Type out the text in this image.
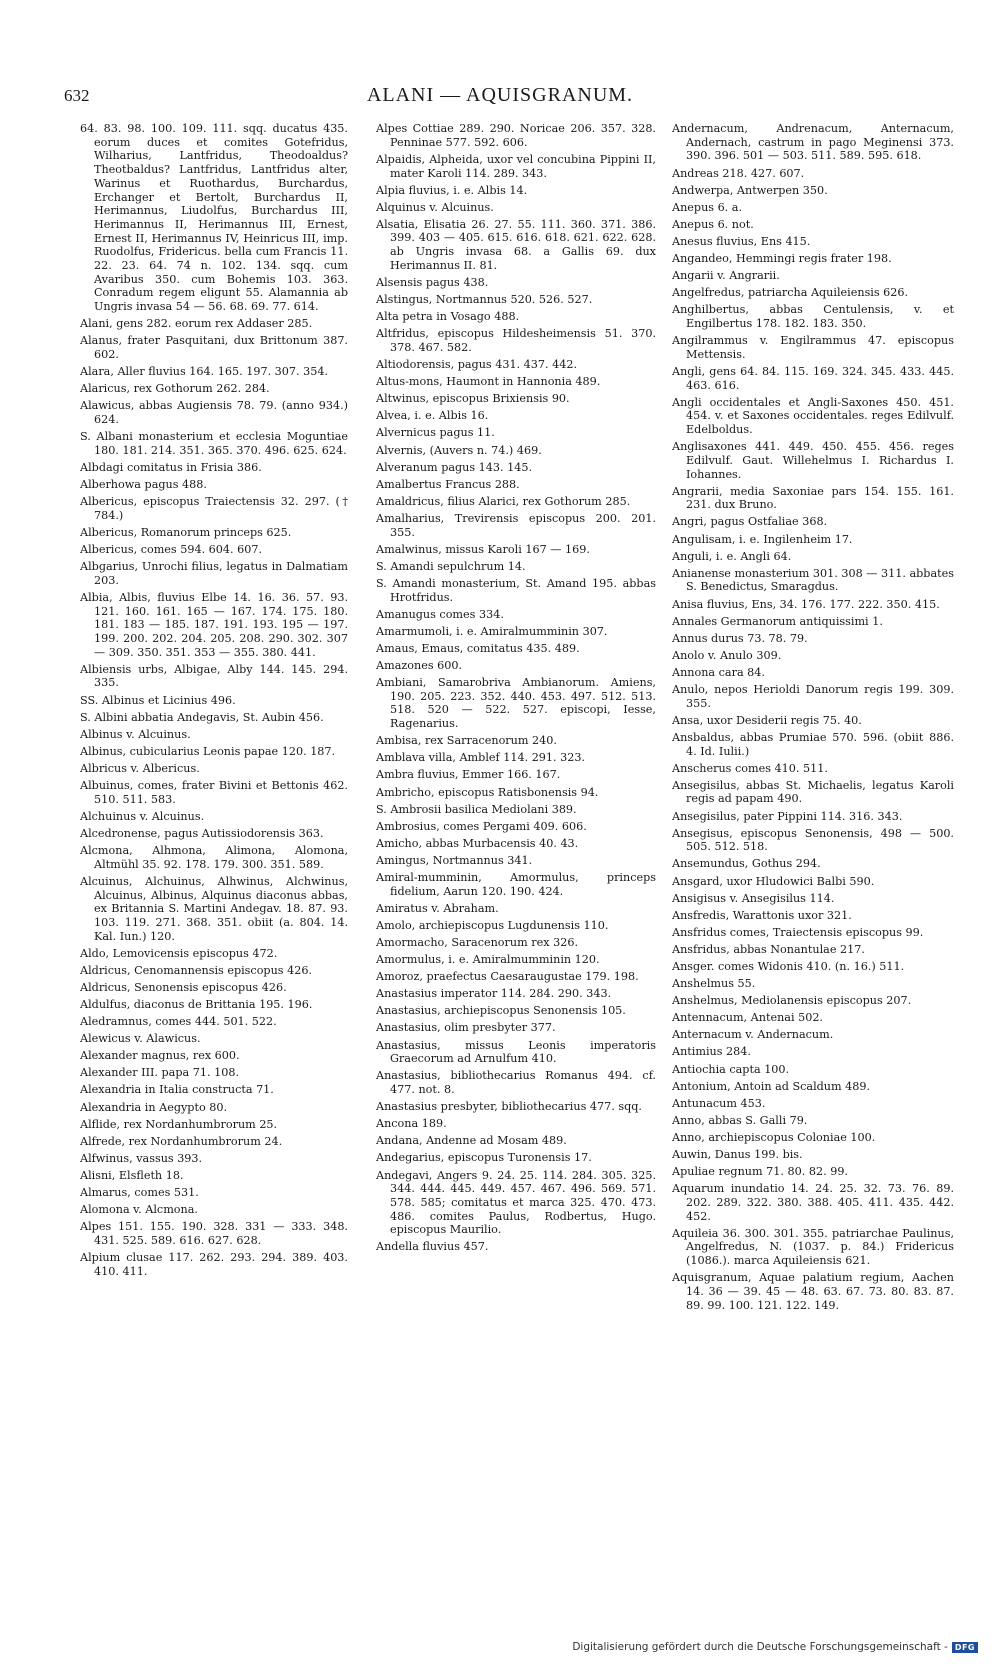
632	ALANI — AQUISGRANUM.
64. 83. 98. 100. 109. 111. sqq. ducatus 435. eorum duces et comites Gotefridus, Wilharius, Lantfridus, Theodoaldus? Theotbaldus? Lantfridus, Lantfridus alter, Warinus et Ruothardus, Burchardus, Erchanger et Bertolt, Burchardus II, Herimannus, Liudolfus, Burchardus III, Herimannus II, Herimannus III, Ernest, Ernest II, Herimannus IV, Heinricus III, imp. Ruodolfus, Fridericus. bella cum Francis 11. 22. 23. 64. 74 n. 102. 134. sqq. cum Avaribus 350. cum Bohemis 103. 363. Conradum regem eligunt 55. Alamannia ab Ungris invasa 54 — 56. 68. 69. 77. 614.
Alani, gens 282. eorum rex Addaser 285.
Alanus, frater Pasquitani, dux Brittonum 387. 602.
Alara, Aller fluvius 164. 165. 197. 307. 354.
Alaricus, rex Gothorum 262. 284.
Alawicus, abbas Augiensis 78. 79. (anno 934.) 624.
S. Albani monasterium et ecclesia Moguntiae 180. 181. 214. 351. 365. 370. 496. 625. 624.
Albdagi comitatus in Frisia 386.
Alberhowa pagus 488.
Albericus, episcopus Traiectensis 32. 297. († 784.)
Albericus, Romanorum princeps 625.
Albericus, comes 594. 604. 607.
Albgarius, Unrochi filius, legatus in Dalmatiam 203.
Albia, Albis, fluvius Elbe 14. 16. 36. 57. 93. 121. 160. 161. 165 — 167. 174. 175. 180. 181. 183 — 185. 187. 191. 193. 195 — 197. 199. 200. 202. 204. 205. 208. 290. 302. 307 — 309. 350. 351. 353 — 355. 380. 441.
Albiensis urbs, Albigae, Alby 144. 145. 294. 335.
SS. Albinus et Licinius 496.
S. Albini abbatia Andegavis, St. Aubin 456.
Albinus v. Alcuinus.
Albinus, cubicularius Leonis papae 120. 187.
Albricus v. Albericus.
Albuinus, comes, frater Bivini et Bettonis 462. 510. 511. 583.
Alchuinus v. Alcuinus.
Alcedronense, pagus Autissiodorensis 363.
Alcmona, Alhmona, Alimona, Alomona, Altmühl 35. 92. 178. 179. 300. 351. 589.
Alcuinus, Alchuinus, Alhwinus, Alchwinus, Alcuinus, Albinus, Alquinus diaconus abbas, ex Britannia S. Martini Andegav. 18. 87. 93. 103. 119. 271. 368. 351. obiit (a. 804. 14. Kal. Iun.) 120.
Aldo, Lemovicensis episcopus 472.
Aldricus, Cenomannensis episcopus 426.
Aldricus, Senonensis episcopus 426.
Aldulfus, diaconus de Brittania 195. 196.
Aledramnus, comes 444. 501. 522.
Alewicus v. Alawicus.
Alexander magnus, rex 600.
Alexander III. papa 71. 108.
Alexandria in Italia constructa 71.
Alexandria in Aegypto 80.
Alflide, rex Nordanhumbrorum 25.
Alfrede, rex Nordanhumbrorum 24.
Alfwinus, vassus 393.
Alisni, Elsfleth 18.
Almarus, comes 531.
Alomona v. Alcmona.
Alpes 151. 155. 190. 328. 331 — 333. 348. 431. 525. 589. 616. 627. 628.
Alpium clusae 117. 262. 293. 294. 389. 403. 410. 411.
Alpes Cottiae 289. 290. Noricae 206. 357. 328. Penninae 577. 592. 606.
Alpaidis, Alpheida, uxor vel concubina Pippini II, mater Karoli 114. 289. 343.
Alpia fluvius, i. e. Albis 14.
Alquinus v. Alcuinus.
Alsatia, Elisatia 26. 27. 55. 111. 360. 371. 386. 399. 403 — 405. 615. 616. 618. 621. 622. 628. ab Ungris invasa 68. a Gallis 69. dux Herimannus II. 81.
Alsensis pagus 438.
Alstingus, Nortmannus 520. 526. 527.
Alta petra in Vosago 488.
Altfridus, episcopus Hildesheimensis 51. 370. 378. 467. 582.
Altiodorensis, pagus 431. 437. 442.
Altus-mons, Haumont in Hannonia 489.
Altwinus, episcopus Brixiensis 90.
Alvea, i. e. Albis 16.
Alvernicus pagus 11.
Alvernis, (Auvers n. 74.) 469.
Alveranum pagus 143. 145.
Amalbertus Francus 288.
Amaldricus, filius Alarici, rex Gothorum 285.
Amalharius, Trevirensis episcopus 200. 201. 355.
Amalwinus, missus Karoli 167 — 169.
S. Amandi sepulchrum 14.
S. Amandi monasterium, St. Amand 195. abbas Hrotfridus.
Amanugus comes 334.
Amarmumoli, i. e. Amiralmumminin 307.
Amaus, Emaus, comitatus 435. 489.
Amazones 600.
Ambiani, Samarobriva Ambianorum. Amiens, 190. 205. 223. 352. 440. 453. 497. 512. 513. 518. 520 — 522. 527. episcopi, Iesse, Ragenarius.
Ambisa, rex Sarracenorum 240.
Amblava villa, Amblef 114. 291. 323.
Ambra fluvius, Emmer 166. 167.
Ambricho, episcopus Ratisbonensis 94.
S. Ambrosii basilica Mediolani 389.
Ambrosius, comes Pergami 409. 606.
Amicho, abbas Murbacensis 40. 43.
Amingus, Nortmannus 341.
Amiral-mumminin, Amormulus, princeps fidelium, Aarun 120. 190. 424.
Amiratus v. Abraham.
Amolo, archiepiscopus Lugdunensis 110.
Amormacho, Saracenorum rex 326.
Amormulus, i. e. Amiralmumminin 120.
Amoroz, praefectus Caesaraugustae 179. 198.
Anastasius imperator 114. 284. 290. 343.
Anastasius, archiepiscopus Senonensis 105.
Anastasius, olim presbyter 377.
Anastasius, missus Leonis imperatoris Graecorum ad Arnulfum 410.
Anastasius, bibliothecarius Romanus 494. cf. 477. not. 8.
Anastasius presbyter, bibliothecarius 477. sqq.
Ancona 189.
Andana, Andenne ad Mosam 489.
Andegarius, episcopus Turonensis 17.
Andegavi, Angers 9. 24. 25. 114. 284. 305. 325. 344. 444. 445. 449. 457. 467. 496. 569. 571. 578. 585; comitatus et marca 325. 470. 473. 486. comites Paulus, Rodbertus, Hugo. episcopus Maurilio.
Andella fluvius 457.
Andernacum, Andrenacum, Anternacum, Andernach, castrum in pago Meginensi 373. 390. 396. 501 — 503. 511. 589. 595. 618.
Andreas 218. 427. 607.
Andwerpa, Antwerpen 350.
Anepus 6. a.
Anepus 6. not.
Anesus fluvius, Ens 415.
Angandeo, Hemmingi regis frater 198.
Angarii v. Angrarii.
Angelfredus, patriarcha Aquileiensis 626.
Anghilbertus, abbas Centulensis, v. et Engilbertus 178. 182. 183. 350.
Angilrammus v. Engilrammus 47. episcopus Mettensis.
Angli, gens 64. 84. 115. 169. 324. 345. 433. 445. 463. 616.
Angli occidentales et Angli-Saxones 450. 451. 454. v. et Saxones occidentales. reges Edilvulf. Edelboldus.
Anglisaxones 441. 449. 450. 455. 456. reges Edilvulf. Gaut. Willehelmus I. Richardus I. Iohannes.
Angrarii, media Saxoniae pars 154. 155. 161. 231. dux Bruno.
Angri, pagus Ostfaliae 368.
Angulisam, i. e. Ingilenheim 17.
Anguli, i. e. Angli 64.
Anianense monasterium 301. 308 — 311. abbates S. Benedictus, Smaragdus.
Anisa fluvius, Ens, 34. 176. 177. 222. 350. 415.
Annales Germanorum antiquissimi 1.
Annus durus 73. 78. 79.
Anolo v. Anulo 309.
Annona cara 84.
Anulo, nepos Herioldi Danorum regis 199. 309. 355.
Ansa, uxor Desiderii regis 75. 40.
Ansbaldus, abbas Prumiae 570. 596. (obiit 886. 4. Id. Iulii.)
Anscherus comes 410. 511.
Ansegisilus, abbas St. Michaelis, legatus Karoli regis ad papam 490.
Ansegisilus, pater Pippini 114. 316. 343.
Ansegisus, episcopus Senonensis, 498 — 500. 505. 512. 518.
Ansemundus, Gothus 294.
Ansgard, uxor Hludowici Balbi 590.
Ansigisus v. Ansegisilus 114.
Ansfredis, Warattonis uxor 321.
Ansfridus comes, Traiectensis episcopus 99.
Ansfridus, abbas Nonantulae 217.
Ansger. comes Widonis 410. (n. 16.) 511.
Anshelmus 55.
Anshelmus, Mediolanensis episcopus 207.
Antennacum, Antenai 502.
Anternacum v. Andernacum.
Antimius 284.
Antiochia capta 100.
Antonium, Antoin ad Scaldum 489.
Antunacum 453.
Anno, abbas S. Galli 79.
Anno, archiepiscopus Coloniae 100.
Auwin, Danus 199. bis.
Apuliae regnum 71. 80. 82. 99.
Aquarum inundatio 14. 24. 25. 32. 73. 76. 89. 202. 289. 322. 380. 388. 405. 411. 435. 442. 452.
Aquileia 36. 300. 301. 355. patriarchae Paulinus, Angelfredus, N. (1037. p. 84.) Fridericus (1086.). marca Aquileiensis 621.
Aquisgranum, Aquae palatium regium, Aachen 14. 36 — 39. 45 — 48. 63. 67. 73. 80. 83. 87. 89. 99. 100. 121. 122. 149.
Digitalisierung gefördert durch die Deutsche Forschungsgemeinschaft - DFG
